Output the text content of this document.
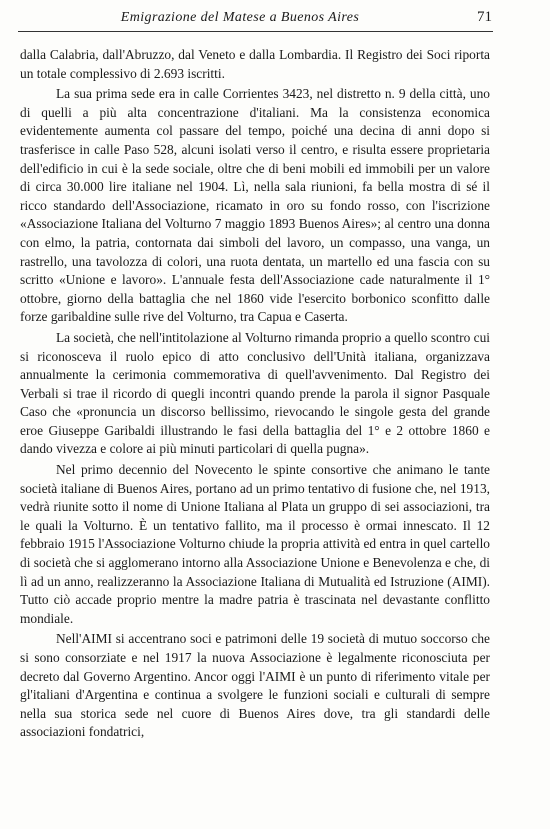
Emigrazione del Matese a Buenos Aires	71

dalla Calabria, dall'Abruzzo, dal Veneto e dalla Lombardia. Il Registro dei Soci riporta un totale complessivo di 2.693 iscritti.

La sua prima sede era in calle Corrientes 3423, nel distretto n. 9 della città, uno di quelli a più alta concentrazione d'italiani. Ma la consistenza economica evidentemente aumenta col passare del tempo, poiché una decina di anni dopo si trasferisce in calle Paso 528, alcuni isolati verso il centro, e risulta essere proprietaria dell'edificio in cui è la sede sociale, oltre che di beni mobili ed immobili per un valore di circa 30.000 lire italiane nel 1904. Lì, nella sala riunioni, fa bella mostra di sé il ricco standardo dell'Associazione, ricamato in oro su fondo rosso, con l'iscrizione «Associazione Italiana del Volturno 7 maggio 1893 Buenos Aires»; al centro una donna con elmo, la patria, contornata dai simboli del lavoro, un compasso, una vanga, un rastrello, una tavolozza di colori, una ruota dentata, un martello ed una fascia con su scritto «Unione e lavoro». L'annuale festa dell'Associazione cade naturalmente il 1° ottobre, giorno della battaglia che nel 1860 vide l'esercito borbonico sconfitto dalle forze garibaldine sulle rive del Volturno, tra Capua e Caserta.

La società, che nell'intitolazione al Volturno rimanda proprio a quello scontro cui si riconosceva il ruolo epico di atto conclusivo dell'Unità italiana, organizzava annualmente la cerimonia commemorativa di quell'avvenimento. Dal Registro dei Verbali si trae il ricordo di quegli incontri quando prende la parola il signor Pasquale Caso che «pronuncia un discorso bellissimo, rievocando le singole gesta del grande eroe Giuseppe Garibaldi illustrando le fasi della battaglia del 1° e 2 ottobre 1860 e dando vivezza e colore ai più minuti particolari di quella pugna».

Nel primo decennio del Novecento le spinte consortive che animano le tante società italiane di Buenos Aires, portano ad un primo tentativo di fusione che, nel 1913, vedrà riunite sotto il nome di Unione Italiana al Plata un gruppo di sei associazioni, tra le quali la Volturno. È un tentativo fallito, ma il processo è ormai innescato. Il 12 febbraio 1915 l'Associazione Volturno chiude la propria attività ed entra in quel cartello di società che si agglomerano intorno alla Associazione Unione e Benevolenza e che, di lì ad un anno, realizzeranno la Associazione Italiana di Mutualità ed Istruzione (AIMI). Tutto ciò accade proprio mentre la madre patria è trascinata nel devastante conflitto mondiale.

Nell'AIMI si accentrano soci e patrimoni delle 19 società di mutuo soccorso che si sono consorziate e nel 1917 la nuova Associazione è legalmente riconosciuta per decreto dal Governo Argentino. Ancor oggi l'AIMI è un punto di riferimento vitale per gl'italiani d'Argentina e continua a svolgere le funzioni sociali e culturali di sempre nella sua storica sede nel cuore di Buenos Aires dove, tra gli standardi delle associazioni fondatrici,
